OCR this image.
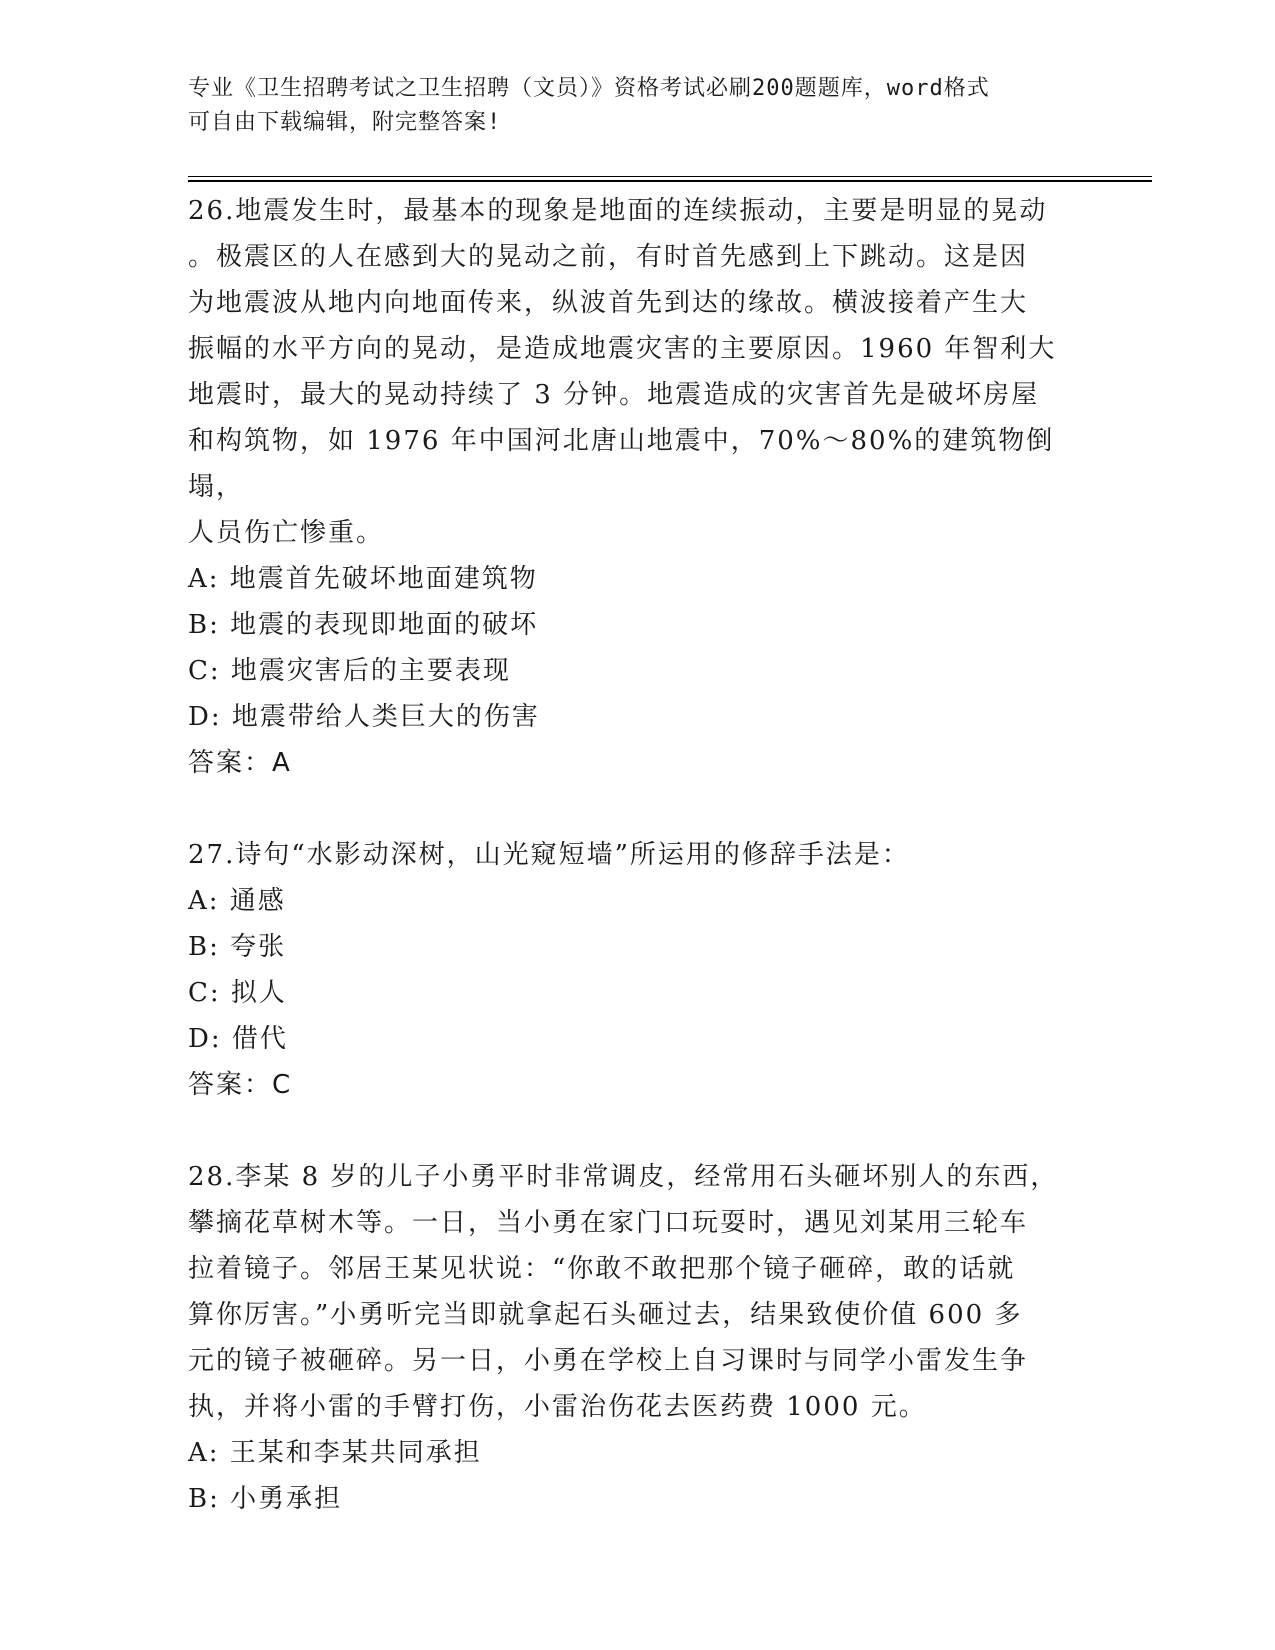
专业《卫生招聘考试之卫生招聘（文员）》资格考试必刷200题题库，word格式
可自由下载编辑，附完整答案!

26.地震发生时，最基本的现象是地面的连续振动，主要是明显的晃动

。极震区的人在感到大的晃动之前，有时首先感到上下跳动。这是因

为地震波从地内向地面传来，纵波首先到达的缘故。横波接着产生大

振幅的水平方向的晃动，是造成地震灾害的主要原因。1960 年智利大

地震时，最大的晃动持续了 3 分钟。地震造成的灾害首先是破坏房屋

和构筑物，如 1976 年中国河北唐山地震中，70%～80%的建筑物倒塌，

人员伤亡惨重。

A: 地震首先破坏地面建筑物

B: 地震的表现即地面的破坏

C: 地震灾害后的主要表现

D: 地震带给人类巨大的伤害

答案：A

27.诗句“水影动深树，山光窥短墙”所运用的修辞手法是：

A: 通感

B: 夸张

C: 拟人

D: 借代

答案：C

28.李某 8 岁的儿子小勇平时非常调皮，经常用石头砸坏别人的东西，

攀摘花草树木等。一日，当小勇在家门口玩耍时，遇见刘某用三轮车

拉着镜子。邻居王某见状说：“你敢不敢把那个镜子砸碎，敢的话就

算你厉害。”小勇听完当即就拿起石头砸过去，结果致使价值 600 多

元的镜子被砸碎。另一日，小勇在学校上自习课时与同学小雷发生争

执，并将小雷的手臂打伤，小雷治伤花去医药费 1000 元。

A: 王某和李某共同承担

B: 小勇承担
